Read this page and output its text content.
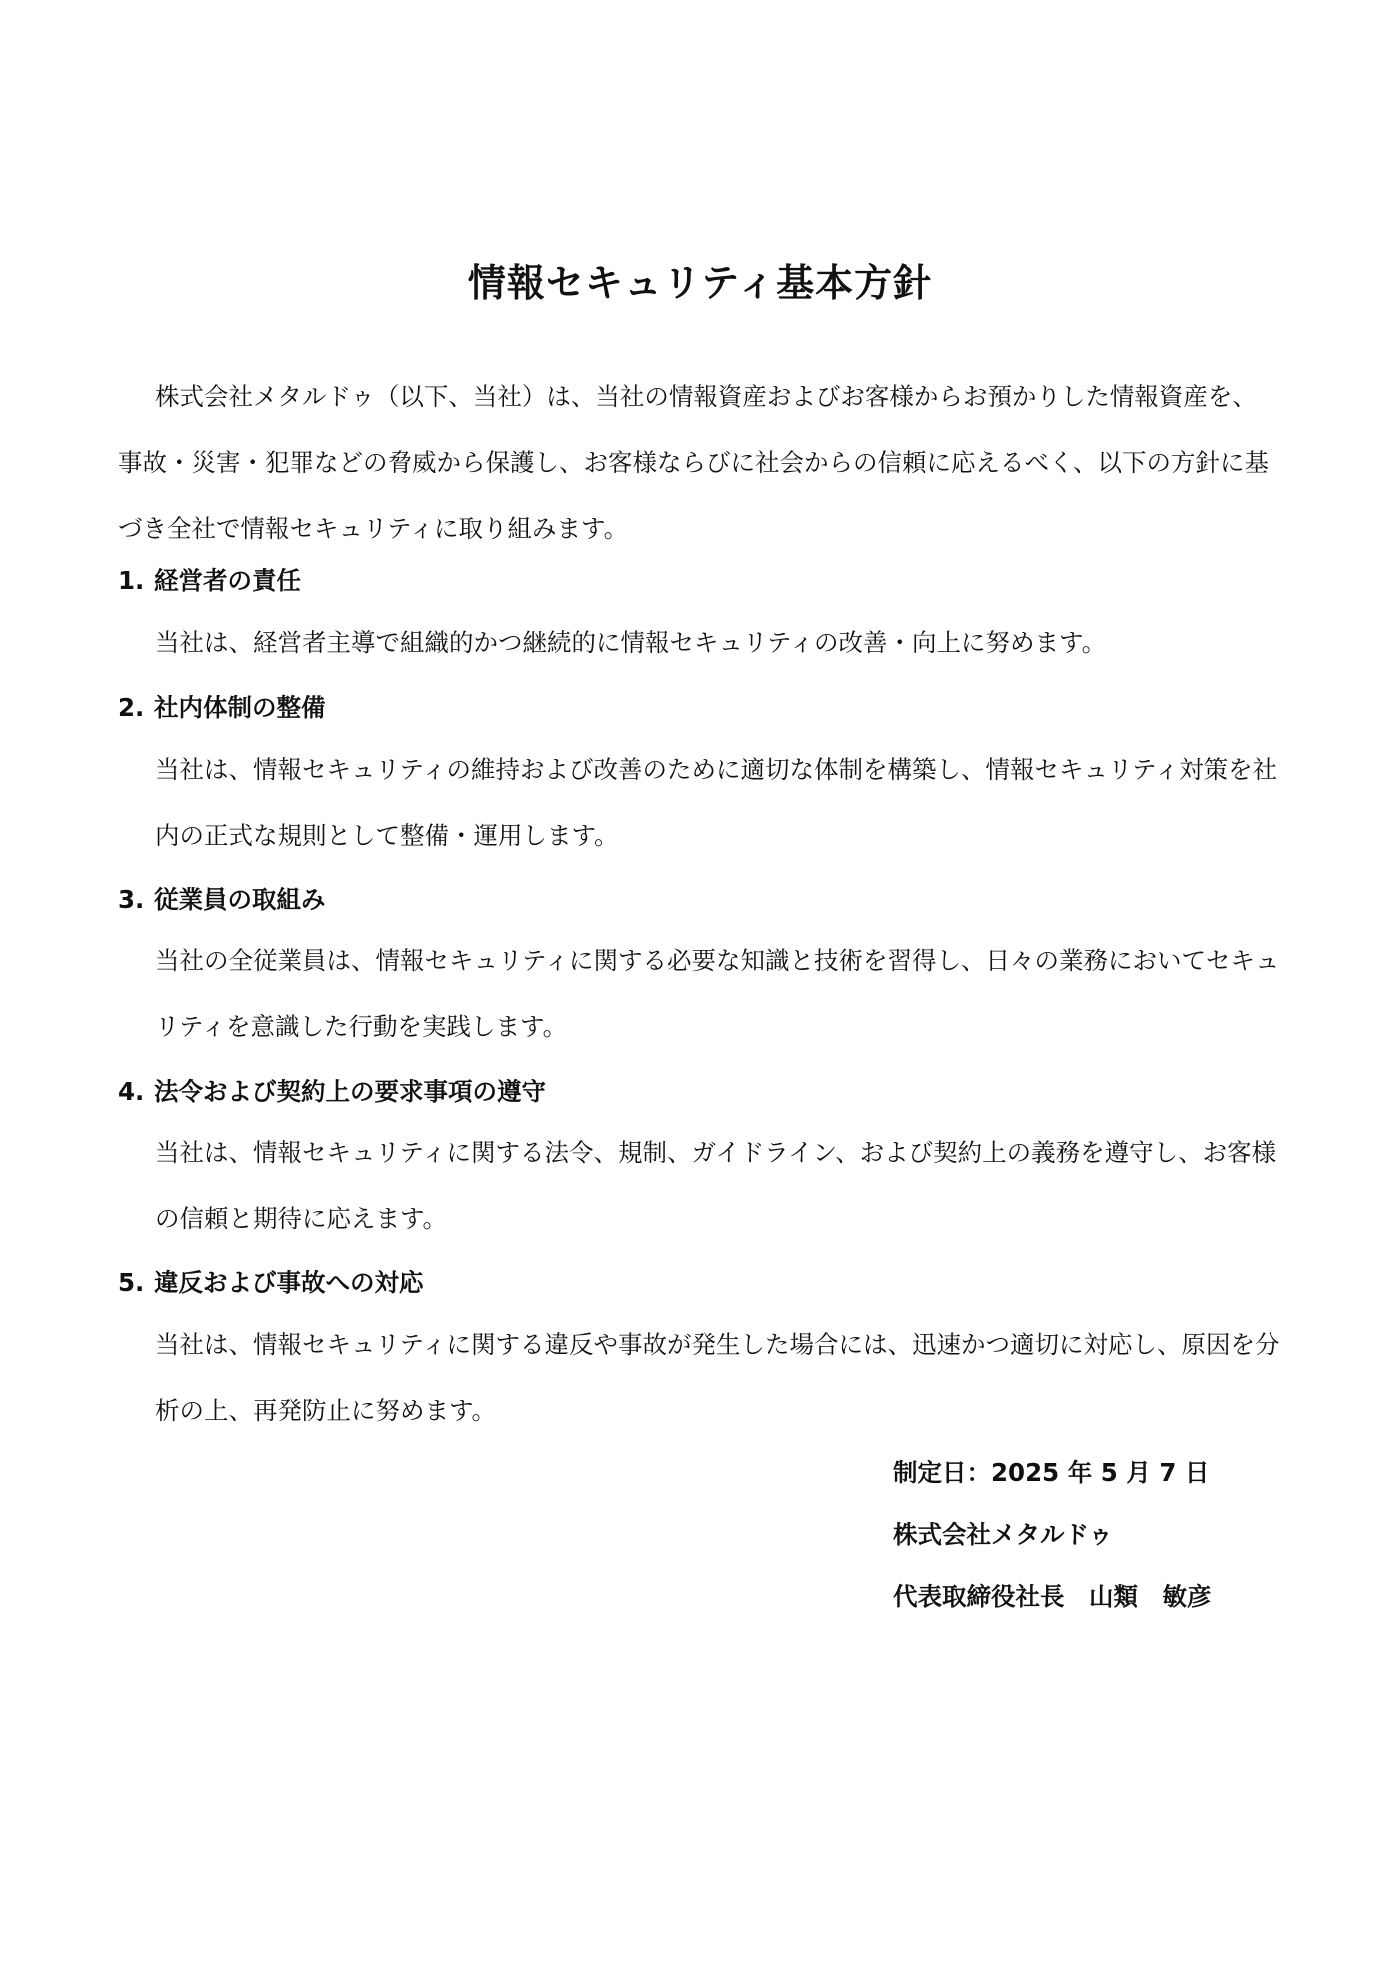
情報セキュリティ基本方針

株式会社メタルドゥ（以下、当社）は、当社の情報資産およびお客様からお預かりした情報資産を、事故・災害・犯罪などの脅威から保護し、お客様ならびに社会からの信頼に応えるべく、以下の方針に基づき全社で情報セキュリティに取り組みます。

1. 経営者の責任

当社は、経営者主導で組織的かつ継続的に情報セキュリティの改善・向上に努めます。

2. 社内体制の整備

当社は、情報セキュリティの維持および改善のために適切な体制を構築し、情報セキュリティ対策を社内の正式な規則として整備・運用します。

3. 従業員の取組み

当社の全従業員は、情報セキュリティに関する必要な知識と技術を習得し、日々の業務においてセキュリティを意識した行動を実践します。

4. 法令および契約上の要求事項の遵守

当社は、情報セキュリティに関する法令、規制、ガイドライン、および契約上の義務を遵守し、お客様の信頼と期待に応えます。

5. 違反および事故への対応

当社は、情報セキュリティに関する違反や事故が発生した場合には、迅速かつ適切に対応し、原因を分析の上、再発防止に努めます。

制定日：2025 年 5 月 7 日
株式会社メタルドゥ
代表取締役社長　山類　敏彦
